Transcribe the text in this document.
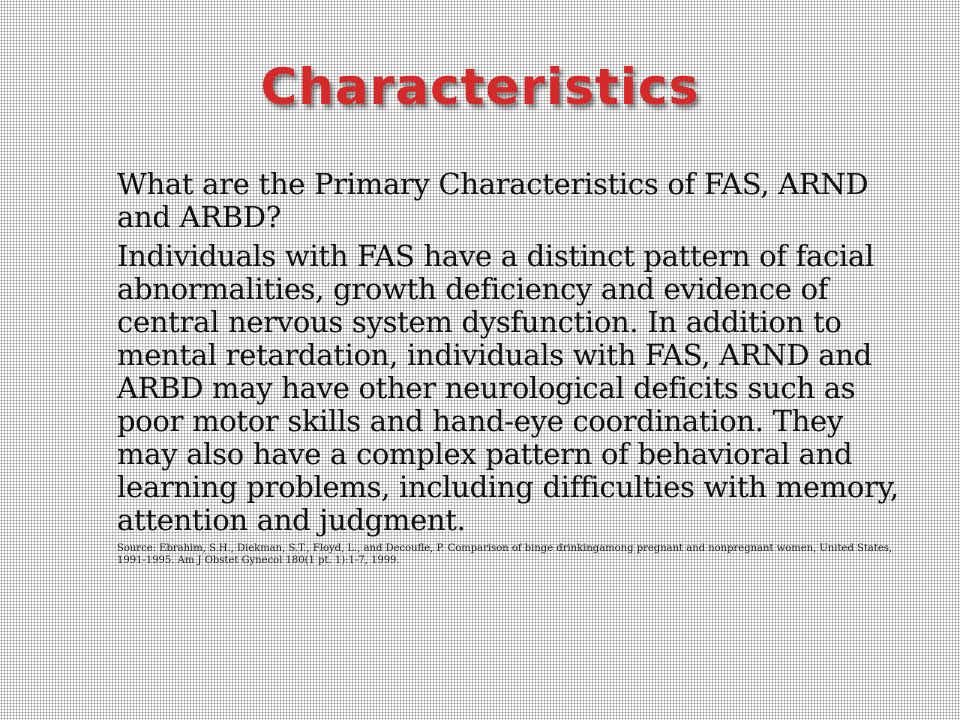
Characteristics

What are the Primary Characteristics of FAS, ARND and ARBD?

Individuals with FAS have a distinct pattern of facial abnormalities, growth deficiency and evidence of central nervous system dysfunction. In addition to mental retardation, individuals with FAS, ARND and ARBD may have other neurological deficits such as poor motor skills and hand-eye coordination. They may also have a complex pattern of behavioral and learning problems, including difficulties with memory, attention and judgment.

Source: Ebrahim, S.H., Diekman, S.T., Floyd, L., and Decoufle, P. Comparison of binge drinkingamong pregnant and nonpregnant women, United States, 1991-1995. Am J Obstet Gynecol 180(1 pt. 1):1-7, 1999.
